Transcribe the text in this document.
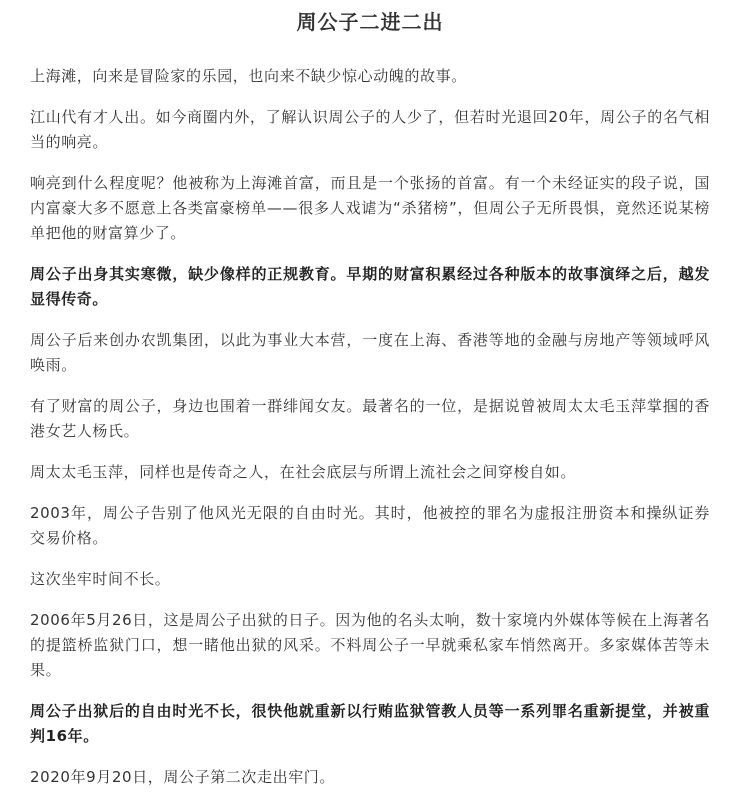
周公子二进二出

上海滩，向来是冒险家的乐园，也向来不缺少惊心动魄的故事。

江山代有才人出。如今商圈内外，了解认识周公子的人少了，但若时光退回20年，周公子的名气相当的响亮。

响亮到什么程度呢？他被称为上海滩首富，而且是一个张扬的首富。有一个未经证实的段子说，国内富豪大多不愿意上各类富豪榜单——很多人戏谑为“杀猪榜”，但周公子无所畏惧，竟然还说某榜单把他的财富算少了。

周公子出身其实寒微，缺少像样的正规教育。早期的财富积累经过各种版本的故事演绎之后，越发显得传奇。

周公子后来创办农凯集团，以此为事业大本营，一度在上海、香港等地的金融与房地产等领域呼风唤雨。

有了财富的周公子，身边也围着一群绯闻女友。最著名的一位，是据说曾被周太太毛玉萍掌掴的香港女艺人杨氏。

周太太毛玉萍，同样也是传奇之人，在社会底层与所谓上流社会之间穿梭自如。

2003年，周公子告别了他风光无限的自由时光。其时，他被控的罪名为虚报注册资本和操纵证券交易价格。

这次坐牢时间不长。

2006年5月26日，这是周公子出狱的日子。因为他的名头太响，数十家境内外媒体等候在上海著名的提篮桥监狱门口，想一睹他出狱的风采。不料周公子一早就乘私家车悄然离开。多家媒体苦等未果。

周公子出狱后的自由时光不长，很快他就重新以行贿监狱管教人员等一系列罪名重新提堂，并被重判16年。

2020年9月20日，周公子第二次走出牢门。
